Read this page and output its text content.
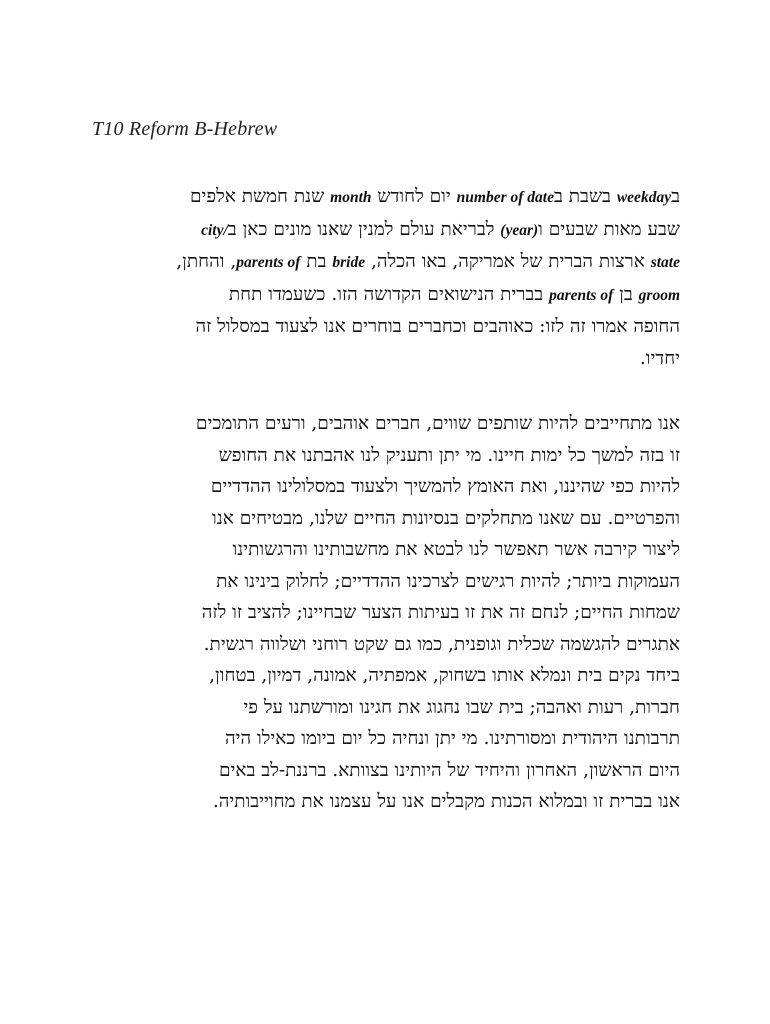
T10 Reform B-Hebrew
בweekday בשבת בnumber of date יום לחודש month שנת חמשת אלפים
שבע מאות שבעים ו(year) לבריאת עולם למנין שאנו מונים כאן בcity/
state ארצות הברית של אמריקה, באו הכלה, bride בת parents of, והחתן,
groom בן parents of בברית הנישואים הקדושה הזו. כשעמדו תחת
החופה אמרו זה לזו: כאוהבים וכחברים בוחרים אנו לצעוד במסלול זה
יחדיו.
אנו מתחייבים להיות שותפים שווים, חברים אוהבים, ורעים התומכים
זו בזה למשך כל ימות חיינו. מי יתן ותעניק לנו אהבתנו את החופש
להיות כפי שהיננו, ואת האומץ להמשיך ולצעוד במסלולינו ההדדיים
והפרטיים. עם שאנו מתחלקים בנסיונות החיים שלנו, מבטיחים אנו
ליצור קירבה אשר תאפשר לנו לבטא את מחשבותינו והרגשותינו
העמוקות ביותר; להיות רגישים לצרכינו ההדדיים; לחלוק בינינו את
שמחות החיים; לנחם זה את זו בעיתות הצער שבחיינו; להציב זו לזה
אתגרים להגשמה שכלית וגופנית, כמו גם שקט רוחני ושלווה רגשית.
ביחד נקים בית ונמלא אותו בשחוק, אמפתיה, אמונה, דמיון, בטחון,
חברות, רעות ואהבה; בית שבו נחגוג את חגינו ומורשתנו על פי
תרבותנו היהודית ומסורתינו. מי יתן ונחיה כל יום ביומו כאילו היה
היום הראשון, האחרון והיחיד של היותינו בצוותא. ברננת-לב באים
אנו בברית זו ובמלוא הכנות מקבלים אנו על עצמנו את מחוייבותיה.
